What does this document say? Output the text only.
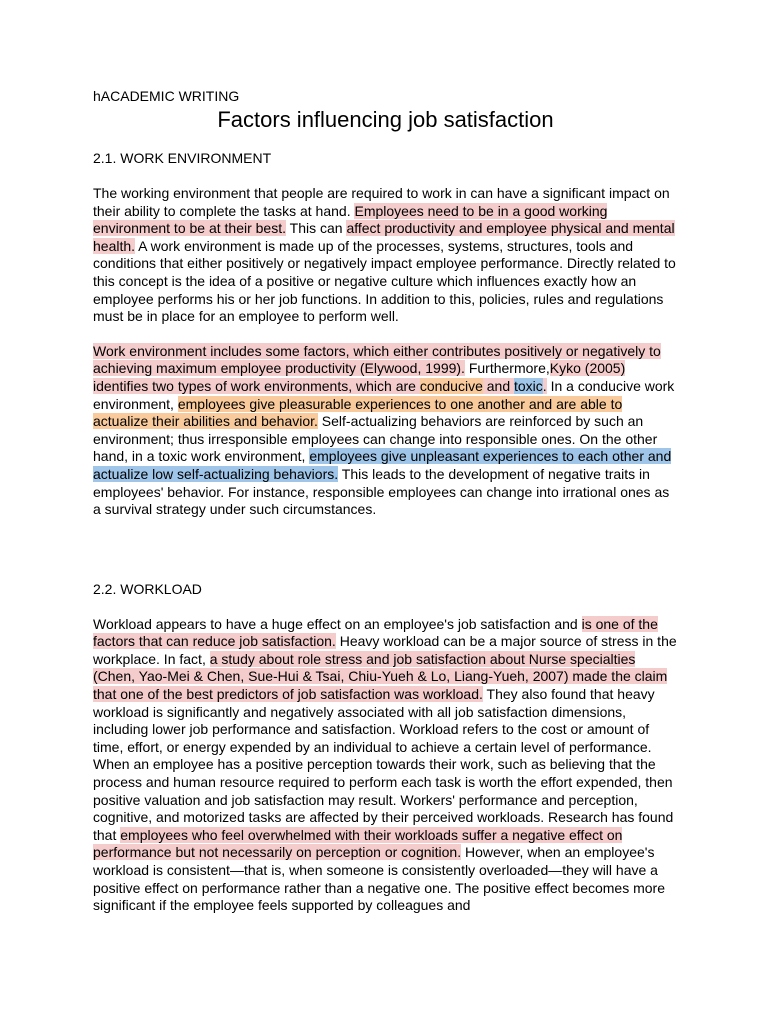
hACADEMIC WRITING
Factors influencing job satisfaction
2.1. WORK ENVIRONMENT

The working environment that people are required to work in can have a significant impact on their ability to complete the tasks at hand. Employees need to be in a good working environment to be at their best. This can affect productivity and employee physical and mental health. A work environment is made up of the processes, systems, structures, tools and conditions that either positively or negatively impact employee performance. Directly related to this concept is the idea of a positive or negative culture which influences exactly how an employee performs his or her job functions. In addition to this, policies, rules and regulations must be in place for an employee to perform well.

Work environment includes some factors, which either contributes positively or negatively to achieving maximum employee productivity (Elywood, 1999). Furthermore,Kyko (2005) identifies two types of work environments, which are conducive and toxic. In a conducive work environment, employees give pleasurable experiences to one another and are able to actualize their abilities and behavior. Self-actualizing behaviors are reinforced by such an environment; thus irresponsible employees can change into responsible ones. On the other hand, in a toxic work environment, employees give unpleasant experiences to each other and actualize low self-actualizing behaviors. This leads to the development of negative traits in employees' behavior. For instance, responsible employees can change into irrational ones as a survival strategy under such circumstances.

2.2. WORKLOAD

Workload appears to have a huge effect on an employee's job satisfaction and is one of the factors that can reduce job satisfaction. Heavy workload can be a major source of stress in the workplace. In fact, a study about role stress and job satisfaction about Nurse specialties (Chen, Yao-Mei & Chen, Sue-Hui & Tsai, Chiu-Yueh & Lo, Liang-Yueh, 2007) made the claim that one of the best predictors of job satisfaction was workload. They also found that heavy workload is significantly and negatively associated with all job satisfaction dimensions, including lower job performance and satisfaction. Workload refers to the cost or amount of time, effort, or energy expended by an individual to achieve a certain level of performance. When an employee has a positive perception towards their work, such as believing that the process and human resource required to perform each task is worth the effort expended, then positive valuation and job satisfaction may result. Workers' performance and perception, cognitive, and motorized tasks are affected by their perceived workloads. Research has found that employees who feel overwhelmed with their workloads suffer a negative effect on performance but not necessarily on perception or cognition. However, when an employee's workload is consistent—that is, when someone is consistently overloaded—they will have a positive effect on performance rather than a negative one. The positive effect becomes more significant if the employee feels supported by colleagues and
